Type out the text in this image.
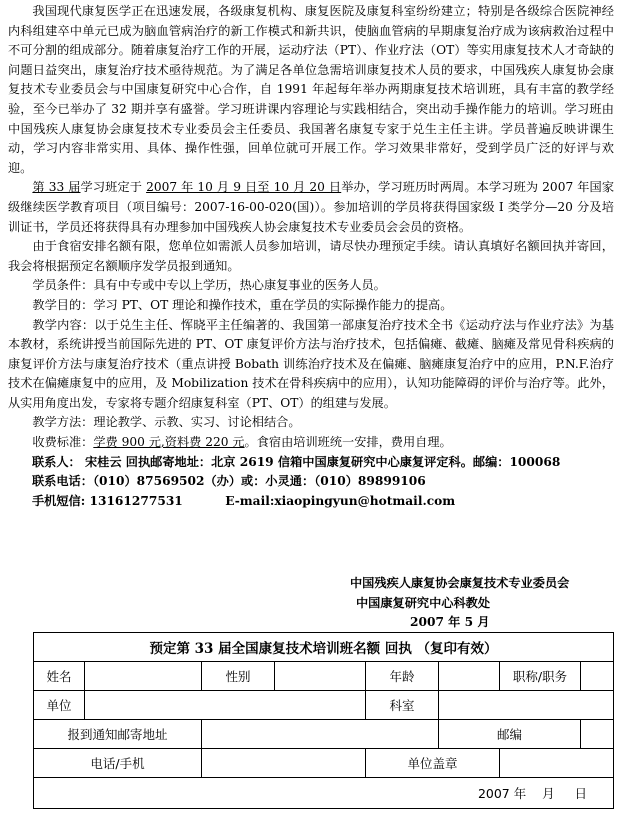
我国现代康复医学正在迅速发展，各级康复机构、康复医院及康复科室纷纷建立；特别是各级综合医院神经内科组建卒中单元已成为脑血管病治疗的新工作模式和新共识，使脑血管病的早期康复治疗成为该病救治过程中不可分割的组成部分。随着康复治疗工作的开展，运动疗法（PT）、作业疗法（OT）等实用康复技术人才奇缺的问题日益突出，康复治疗技术亟待规范。为了满足各单位急需培训康复技术人员的要求，中国残疾人康复协会康复技术专业委员会与中国康复研究中心合作，自 1991 年起每年举办两期康复技术培训班，具有丰富的教学经验，至今已举办了 32 期并享有盛誉。学习班讲课内容理论与实践相结合，突出动手操作能力的培训。学习班由中国残疾人康复协会康复技术专业委员会主任委员、我国著名康复专家于兑生主任主讲。学员普遍反映讲课生动，学习内容非常实用、具体、操作性强，回单位就可开展工作。学习效果非常好，受到学员广泛的好评与欢迎。

第 33 届学习班定于 2007 年 10 月 9 日至 10 月 20 日举办，学习班历时两周。本学习班为 2007 年国家级继续医学教育项目（项目编号：2007-16-00-020(国)）。参加培训的学员将获得国家级 I 类学分—20 分及培训证书，学员还将获得具有办理参加中国残疾人协会康复技术专业委员会会员的资格。

由于食宿安排名额有限，您单位如需派人员参加培训，请尽快办理预定手续。请认真填好名额回执并寄回，我会将根据预定名额顺序发学员报到通知。

学员条件：具有中专或中专以上学历，热心康复事业的医务人员。

教学目的：学习 PT、OT 理论和操作技术，重在学员的实际操作能力的提高。

教学内容：以于兑生主任、恽晓平主任编著的、我国第一部康复治疗技术全书《运动疗法与作业疗法》为基本教材，系统讲授当前国际先进的 PT、OT 康复评价方法与治疗技术，包括偏瘫、截瘫、脑瘫及常见骨科疾病的康复评价方法与康复治疗技术（重点讲授 Bobath 训练治疗技术及在偏瘫、脑瘫康复治疗中的应用，P.N.F.治疗技术在偏瘫康复中的应用，及 Mobilization 技术在骨科疾病中的应用），认知功能障碍的评价与治疗等。此外，从实用角度出发，专家将专题介绍康复科室（PT、OT）的组建与发展。

教学方法：理论教学、示教、实习、讨论相结合。

收费标准：学费 900 元,资料费 220 元。食宿由培训班统一安排，费用自理。

联系人： 宋桂云 回执邮寄地址：北京 2619 信箱中国康复研究中心康复评定科。邮编：100068

联系电话：（010）87569502（办）或：小灵通：（010）89899106

手机短信: 13161277531          E-mail:xiaopingyun@hotmail.com

中国残疾人康复协会康复技术专业委员会
中国康复研究中心科教处
2007 年 5 月
预定第 33 届全国康复技术培训班名额 回执 （复印有效）							
姓名		性别		年龄		职称/职务	
单位				科室			
报到通知邮寄地址					邮编		
电话/手机				单位盖章			
2007 年    月     日							
